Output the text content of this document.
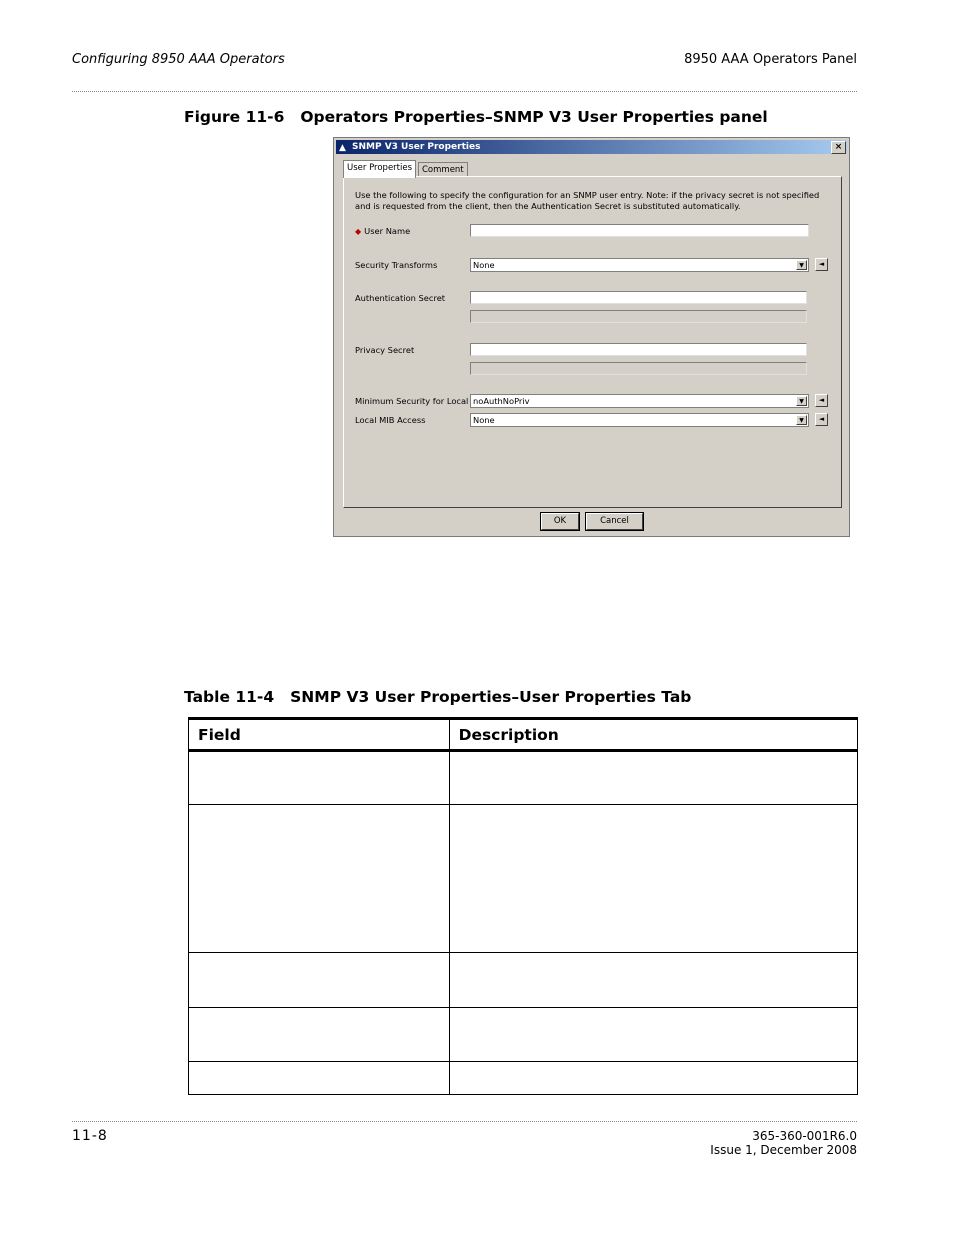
Configuring 8950 AAA Operators	8950 AAA Operators Panel
Figure 11-6 Operators Properties–SNMP V3 User Properties panel
▲ SNMP V3 User Properties	×
User Properties	Comment
Use the following to specify the configuration for an SNMP user entry. Note: if the privacy secret is not specified and is requested from the client, then the Authentication Secret is substituted automatically.
◆ User Name
Security Transforms	None	▼	◄
Authentication Secret
Privacy Secret
Minimum Security for Local noAuthNoPriv	▼	◄
Local MIB Access	None	▼	◄
OK	Cancel
Table 11-4 SNMP V3 User Properties–User Properties Tab
Field	Description

11-8	365-360-001R6.0
Issue 1, December 2008
